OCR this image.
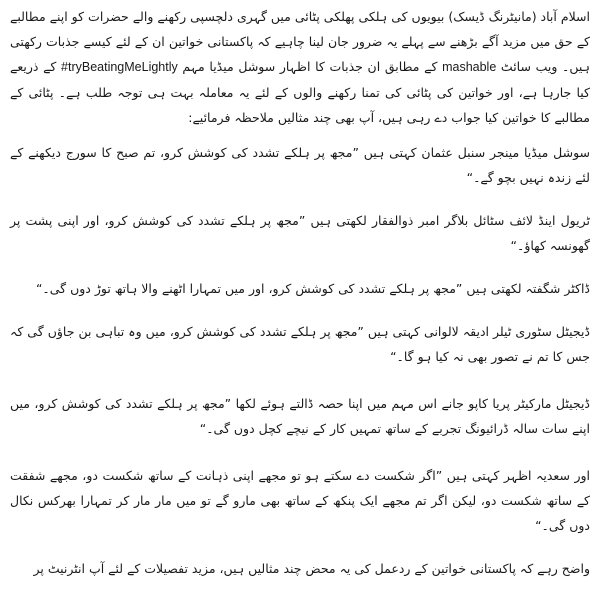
اسلام آباد (مانیٹرنگ ڈیسک) بیویوں کی ہلکی پھلکی پٹائی میں گہری دلچسپی رکھنے والے حضرات کو اپنے مطالبے کے حق میں مزید آگے بڑھنے سے پہلے یہ ضرور جان لینا چاہیے کہ پاکستانی خواتین ان کے لئے کیسے جذبات رکھتی ہیں۔ ویب سائٹ mashable کے مطابق ان جذبات کا اظہار سوشل میڈیا مہم #tryBeatingMeLightly کے ذریعے کیا جارہا ہے، اور خواتین کی پٹائی کی تمنا رکھنے والوں کے لئے یہ معاملہ بہت ہی توجہ طلب ہے۔ پٹائی کے مطالبے کا خواتین کیا جواب دے رہی ہیں، آپ بھی چند مثالیں ملاحظہ فرمائیے:

سوشل میڈیا مینجر سنبل عثمان کہتی ہیں ”مجھ پر ہلکے تشدد کی کوشش کرو، تم صبح کا سورج دیکھنے کے لئے زندہ نہیں بچو گے۔“

ٹریول اینڈ لائف سٹائل بلاگر امبر ذوالفقار لکھتی ہیں ”مجھ پر ہلکے تشدد کی کوشش کرو، اور اپنی پشت پر گھونسہ کھاؤ۔“

ڈاکٹر شگفتہ لکھتی ہیں ”مجھ پر ہلکے تشدد کی کوشش کرو، اور میں تمہارا اٹھنے والا ہاتھ توڑ دوں گی۔“

ڈیجیٹل سٹوری ٹیلر ادیقہ لالوانی کہتی ہیں ”مجھ پر ہلکے تشدد کی کوشش کرو، میں وہ تباہی بن جاؤں گی کہ جس کا تم نے تصور بھی نہ کیا ہو گا۔“

ڈیجیٹل مارکیٹر پریا کاپو جانے اس مہم میں اپنا حصہ ڈالتے ہوئے لکھا ”مجھ پر ہلکے تشدد کی کوشش کرو، میں اپنے سات سالہ ڈرائیونگ تجربے کے ساتھ تمہیں کار کے نیچے کچل دوں گی۔“

اور سعدیہ اظہر کہتی ہیں ”اگر شکست دے سکتے ہو تو مجھے اپنی ذہانت کے ساتھ شکست دو، مجھے شفقت کے ساتھ شکست دو، لیکن اگر تم مجھے ایک پنکھ کے ساتھ بھی مارو گے تو میں مار مار کر تمہارا بھرکس نکال دوں گی۔“

واضح رہے کہ پاکستانی خواتین کے ردعمل کی یہ محض چند مثالیں ہیں، مزید تفصیلات کے لئے آپ انٹرنیٹ پر
